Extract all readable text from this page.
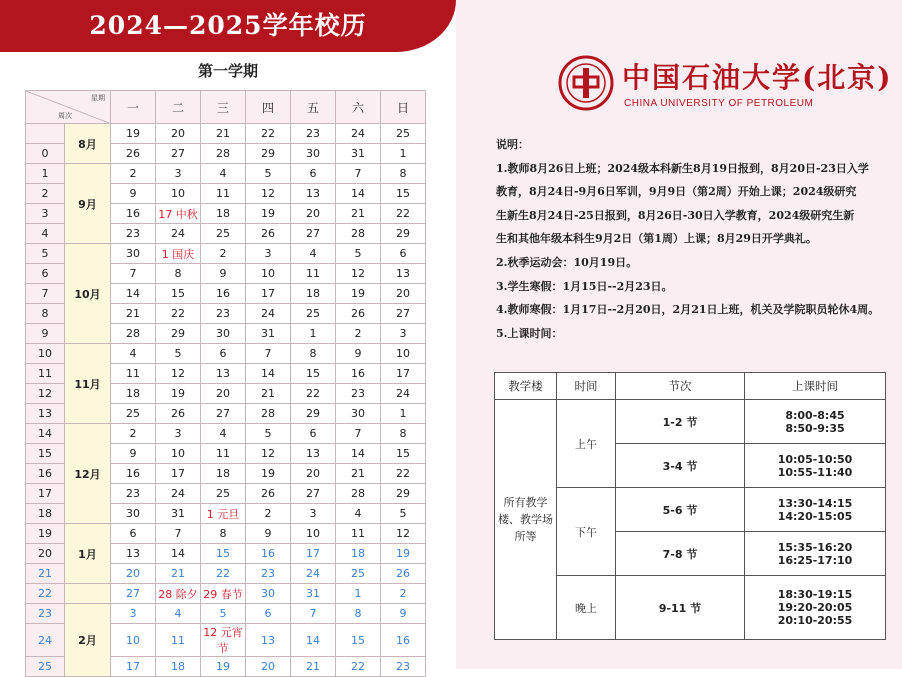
2024—2025学年校历
第一学期
星期
周次		一	二	三	四	五	六	日
	8月	19	20	21	22	23	24	25
0		26	27	28	29	30	31	1
1	9月	2	3	4	5	6	7	8
2		9	10	11	12	13	14	15
3		16	17 中秋	18	19	20	21	22
4		23	24	25	26	27	28	29
5	10月	30	1 国庆	2	3	4	5	6
6		7	8	9	10	11	12	13
7		14	15	16	17	18	19	20
8		21	22	23	24	25	26	27
9		28	29	30	31	1	2	3
10	11月	4	5	6	7	8	9	10
11		11	12	13	14	15	16	17
12		18	19	20	21	22	23	24
13		25	26	27	28	29	30	1
14	12月	2	3	4	5	6	7	8
15		9	10	11	12	13	14	15
16		16	17	18	19	20	21	22
17		23	24	25	26	27	28	29
18		30	31	1 元旦	2	3	4	5
19	1月	6	7	8	9	10	11	12
20		13	14	15	16	17	18	19
21		20	21	22	23	24	25	26
22		27	28 除夕	29 春节	30	31	1	2
23	2月	3	4	5	6	7	8	9
24		10	11	12 元宵节	13	14	15	16
25		17	18	19	20	21	22	23
中国石油大学(北京)
CHINA UNIVERSITY OF PETROLEUM

说明：

1.教师8月26日上班；2024级本科新生8月19日报到，8月20日-23日入学

教育，8月24日-9月6日军训，9月9日（第2周）开始上课；2024级研究

生新生8月24日-25日报到，8月26日-30日入学教育，2024级研究生新

生和其他年级本科生9月2日（第1周）上课；8月29日开学典礼。

2.秋季运动会：10月19日。

3.学生寒假：1月15日--2月23日。

4.教师寒假：1月17日--2月20日，2月21日上班，机关及学院职员轮休4周。

5.上课时间：

教学楼	时间	节次	上课时间
所有教学楼、教学场所等	上午	1-2 节	8:00-8:45
8:50-9:35

		3-4 节	10:05-10:50
10:55-11:40

	下午	5-6 节	13:30-14:15
14:20-15:05

		7-8 节	15:35-16:20
16:25-17:10

	晚上	9-11 节	18:30-19:15
19:20-20:05
20:10-20:55
